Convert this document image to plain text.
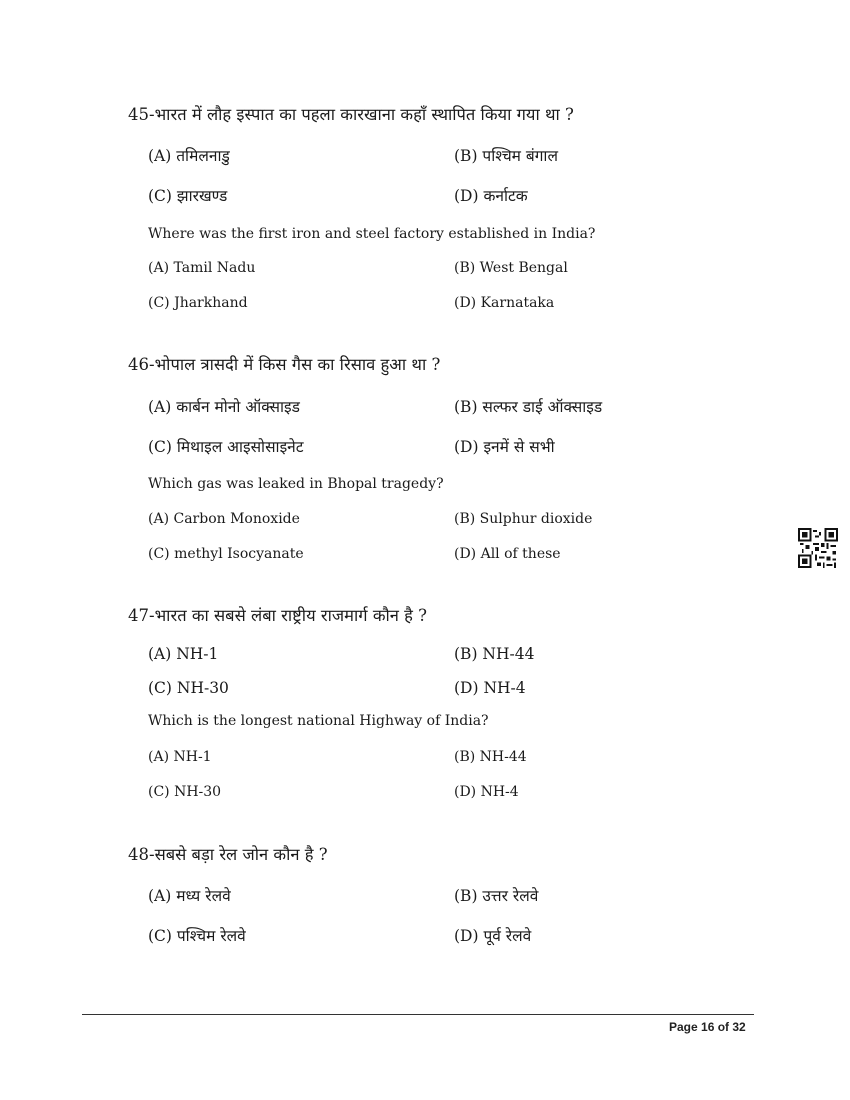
45-भारत में लौह इस्पात का पहला कारखाना कहाँ स्थापित किया गया था ?
(A) तमिलनाडु	(B) पश्चिम बंगाल
(C) झारखण्ड	(D) कर्नाटक
Where was the first iron and steel factory established in India?
(A) Tamil Nadu	(B) West Bengal
(C) Jharkhand	(D) Karnataka
46-भोपाल त्रासदी में किस गैस का रिसाव हुआ था ?
(A) कार्बन मोनो ऑक्साइड	(B) सल्फर डाई ऑक्साइड
(C) मिथाइल आइसोसाइनेट	(D) इनमें से सभी
Which gas was leaked in Bhopal tragedy?
(A) Carbon Monoxide	(B) Sulphur dioxide
(C) methyl Isocyanate	(D) All of these
47-भारत का सबसे लंबा राष्ट्रीय राजमार्ग कौन है ?
(A) NH-1	(B) NH-44
(C) NH-30	(D) NH-4
Which is the longest national Highway of India?
(A) NH-1	(B) NH-44
(C) NH-30	(D) NH-4
48-सबसे बड़ा रेल जोन कौन है ?
(A) मध्य रेलवे	(B) उत्तर रेलवे
(C) पश्चिम रेलवे	(D) पूर्व रेलवे
Page 16 of 32
